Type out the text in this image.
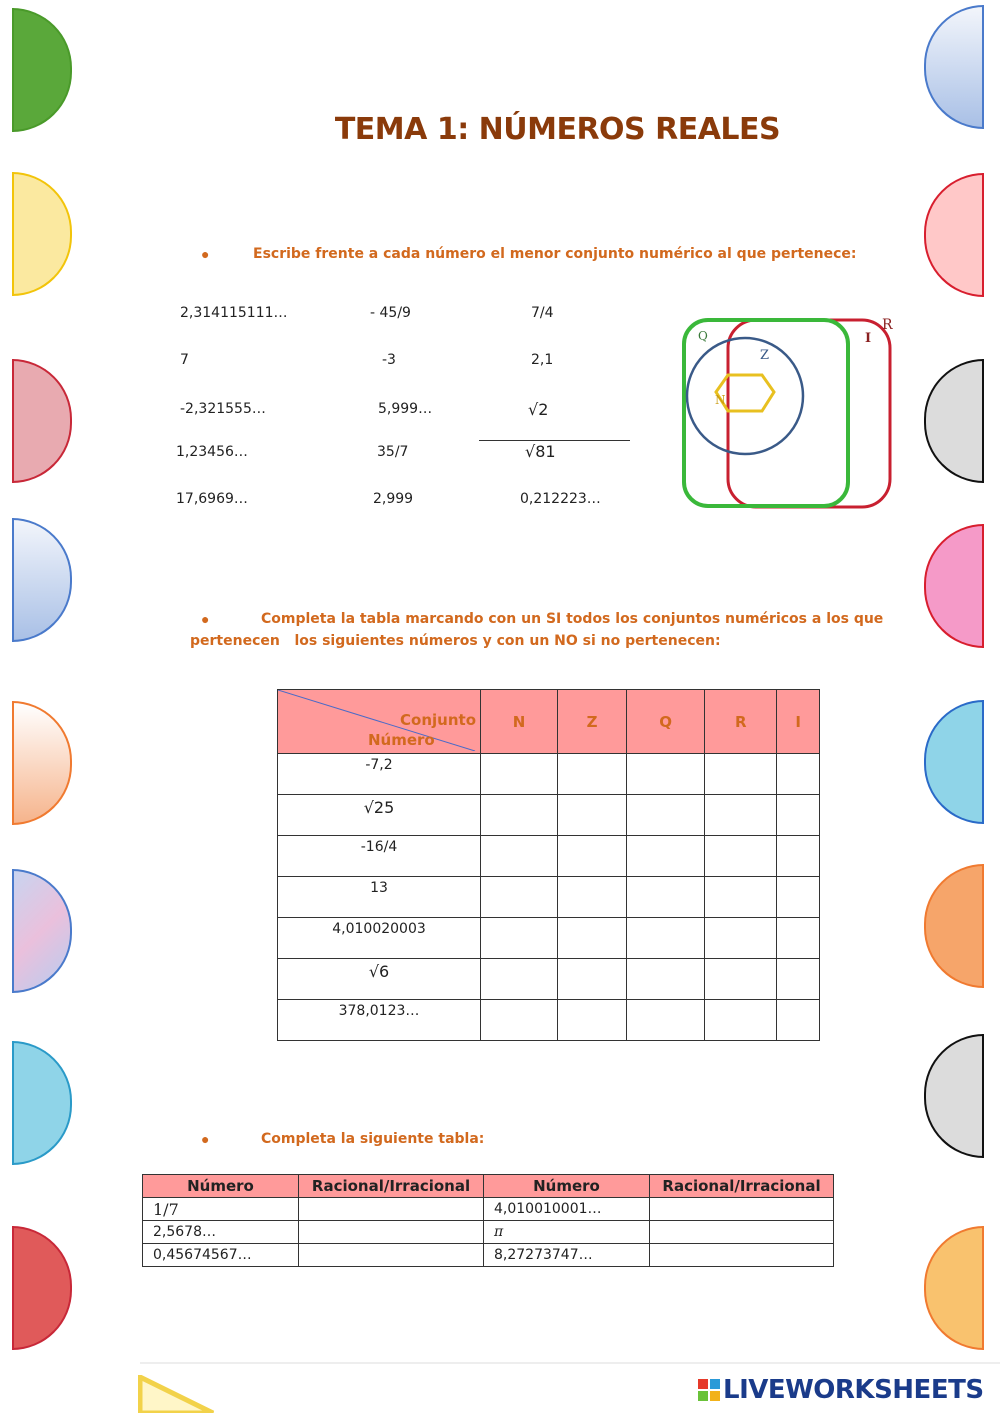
TEMA 1: NÚMEROS REALES
●	Escribe frente a cada número el menor conjunto numérico al que pertenece:
2,314115111…	- 45/9	7/4
7	-3	2,1
-2,321555…	5,999…	√2
1,23456…	35/7	√81
17,6969…	2,999	0,212223…
Q
Z
N
I
R
●	Completa la tabla marcando con un SI todos los conjuntos numéricos a los que
pertenecen   los siguientes números y con un NO si no pertenecen:
Conjunto
Número	N	Z	Q	R	I
-7,2					
√25					
-16/4					
13					
4,010020003					
√6					
378,0123…					
●	Completa la siguiente tabla:
Número	Racional/Irracional	Número	Racional/Irracional
1/7		4,010010001…	
2,5678…		π	
0,45674567…		8,27273747…	
LIVEWORKSHEETS
